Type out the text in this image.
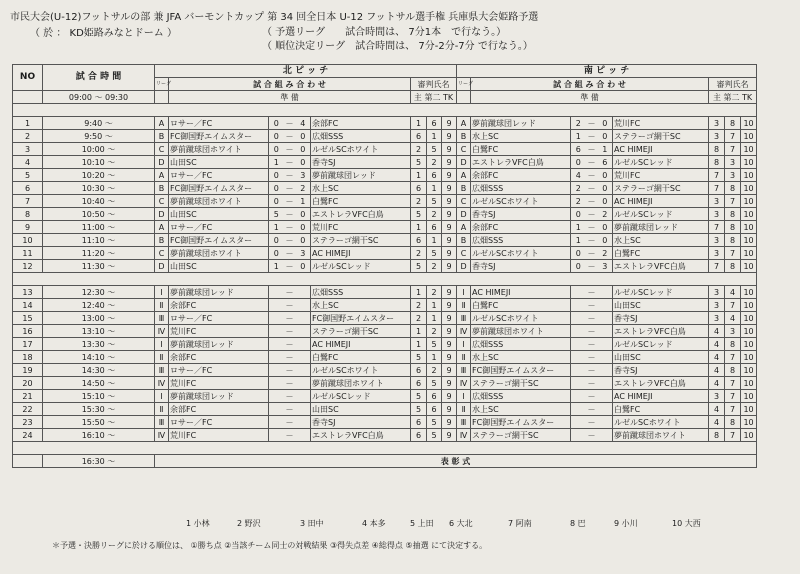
市民大会(U-12)フットサルの部 兼 JFA バーモントカップ 第 34 回全日本 U-12 フットサル選手権 兵庫県大会姫路予選
（ 於 ： KD姫路みなとドーム ）	（ 予選リーグ　　試合時間は、 7分1本　で行なう。）
（ 順位決定リーグ　試合時間は、 7分-2分-7分 で行なう。）
NO	試 合 時 間	北 ピ ッ チ									南 ピ ッ チ								
		リーグ	試 合 組 み 合 わ せ					審判氏名			リーグ	試 合 組 み 合 わ せ					審判氏名		
	09:00 ～ 09:30		準 備					主 第二 TK				準 備					主 第二 TK		

1	9:40 ～	A	ロサー／FC	0	－	4	余部FC	1	6	9	A	夢前蹴球団レッド	2	－	0	荒川FC	3	8	10
2	9:50 ～	B	FC御国野エイムスター	0	－	0	広畑SSS	6	1	9	B	水上SC	1	－	0	ステラーゴ網干SC	3	7	10
3	10:00 ～	C	夢前蹴球団ホワイト	0	－	0	ルゼルSCホワイト	2	5	9	C	白鷺FC	6	－	1	AC HIMEJI	8	7	10
4	10:10 ～	D	山田SC	1	－	0	香寺SJ	5	2	9	D	エストレラVFC白鳥	0	－	6	ルゼルSCレッド	8	3	10
5	10:20 ～	A	ロサー／FC	0	－	3	夢前蹴球団レッド	1	6	9	A	余部FC	4	－	0	荒川FC	7	3	10
6	10:30 ～	B	FC御国野エイムスター	0	－	2	水上SC	6	1	9	B	広畑SSS	2	－	0	ステラーゴ網干SC	7	8	10
7	10:40 ～	C	夢前蹴球団ホワイト	0	－	1	白鷺FC	2	5	9	C	ルゼルSCホワイト	2	－	0	AC HIMEJI	3	7	10
8	10:50 ～	D	山田SC	5	－	0	エストレラVFC白鳥	5	2	9	D	香寺SJ	0	－	2	ルゼルSCレッド	3	8	10
9	11:00 ～	A	ロサー／FC	1	－	0	荒川FC	1	6	9	A	余部FC	1	－	0	夢前蹴球団レッド	7	8	10
10	11:10 ～	B	FC御国野エイムスター	0	－	0	ステラーゴ網干SC	6	1	9	B	広畑SSS	1	－	0	水上SC	3	8	10
11	11:20 ～	C	夢前蹴球団ホワイト	0	－	3	AC HIMEJI	2	5	9	C	ルゼルSCホワイト	0	－	2	白鷺FC	3	7	10
12	11:30 ～	D	山田SC	1	－	0	ルゼルSCレッド	5	2	9	D	香寺SJ	0	－	3	エストレラVFC白鳥	7	8	10

13	12:30 ～	Ⅰ	夢前蹴球団レッド		－		広畑SSS	1	2	9	Ⅰ	AC HIMEJI		－		ルゼルSCレッド	3	4	10
14	12:40 ～	Ⅱ	余部FC		－		水上SC	2	1	9	Ⅱ	白鷺FC		－		山田SC	3	7	10
15	13:00 ～	Ⅲ	ロサー／FC		－		FC御国野エイムスター	2	1	9	Ⅲ	ルゼルSCホワイト		－		香寺SJ	3	4	10
16	13:10 ～	Ⅳ	荒川FC		－		ステラーゴ網干SC	1	2	9	Ⅳ	夢前蹴球団ホワイト		－		エストレラVFC白鳥	4	3	10
17	13:30 ～	Ⅰ	夢前蹴球団レッド		－		AC HIMEJI	1	5	9	Ⅰ	広畑SSS		－		ルゼルSCレッド	4	8	10
18	14:10 ～	Ⅱ	余部FC		－		白鷺FC	5	1	9	Ⅱ	水上SC		－		山田SC	4	7	10
19	14:30 ～	Ⅲ	ロサー／FC		－		ルゼルSCホワイト	6	2	9	Ⅲ	FC御国野エイムスター		－		香寺SJ	4	8	10
20	14:50 ～	Ⅳ	荒川FC		－		夢前蹴球団ホワイト	6	5	9	Ⅳ	ステラーゴ網干SC		－		エストレラVFC白鳥	4	7	10
21	15:10 ～	Ⅰ	夢前蹴球団レッド		－		ルゼルSCレッド	5	6	9	Ⅰ	広畑SSS		－		AC HIMEJI	3	7	10
22	15:30 ～	Ⅱ	余部FC		－		山田SC	5	6	9	Ⅱ	水上SC		－		白鷺FC	4	7	10
23	15:50 ～	Ⅲ	ロサー／FC		－		香寺SJ	6	5	9	Ⅲ	FC御国野エイムスター		－		ルゼルSCホワイト	4	8	10
24	16:10 ～	Ⅳ	荒川FC		－		エストレラVFC白鳥	6	5	9	Ⅳ	ステラーゴ網干SC		－		夢前蹴球団ホワイト	8	7	10

	16:30 ～	表 彰 式																	
1 小林	2 野沢	3 田中	4 本多	5 上田 6 大北	7 阿南	8 巴	9 小川	10 大西
＊予選・決勝リーグに於ける順位は、 ①勝ち点 ②当該チーム同士の対戦結果 ③得失点差 ④総得点 ⑤抽選 にて決定する。
